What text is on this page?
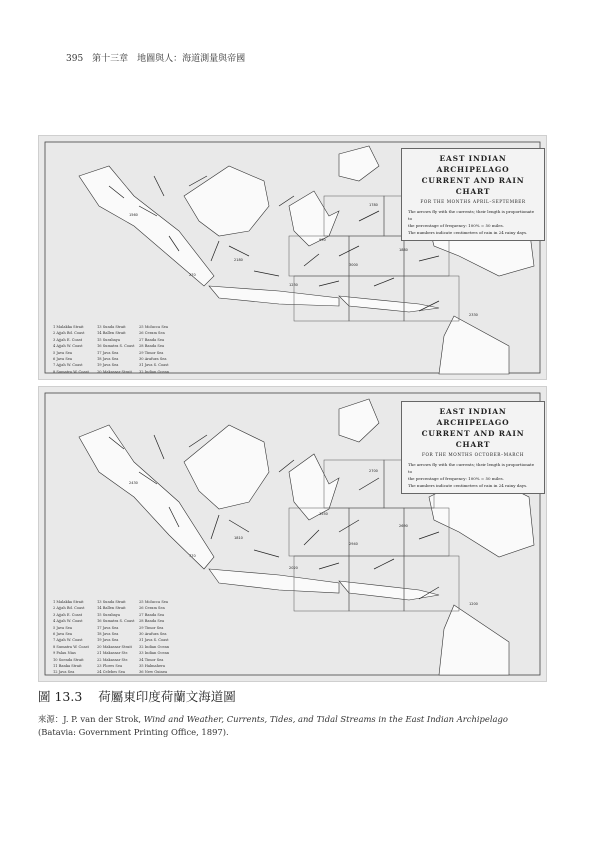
395 第十三章　地圖與人：海道測量與帝國
1560
2180
1230
3000
1880
2330
1780
990
270
EAST INDIAN ARCHIPELAGO
CURRENT AND RAIN CHART
FOR THE MONTHS APRIL–SEPTEMBER
The arrows fly with the currents; their length is proportionate to
the percentage of frequency: 100% = 50 miles.
The numbers indicate centimetres of rain in 24 rainy days.
1 Malakka Strait
2 Ajjah Bd. Coast
3 Ajjah E. Coast
4 Ajjah W. Coast
5 Java Sea
6 Java Sea
7 Ajjah W. Coast
8 Sumatra W. Coast
13 Sunda Strait
14 Ballen Strait
15 Surabaya
16 Sumatra S. Coast
17 Java Sea
18 Java Sea
19 Java Sea
20 Makassar Strait
25 Molucca Sea
26 Ceram Sea
27 Banda Sea
28 Banda Sea
29 Timor Sea
30 Arafura Sea
31 Java S. Coast
32 Indian Ocean
2430
1810
2020
2940
2690
1200
2700
1550
770
EAST INDIAN ARCHIPELAGO
CURRENT AND RAIN CHART
FOR THE MONTHS OCTOBER–MARCH
The arrows fly with the currents; their length is proportionate to
the percentage of frequency: 100% = 50 miles.
The numbers indicate centimetres of rain in 24 rainy days.
1 Malakka Strait
2 Ajjah Bd. Coast
3 Ajjah E. Coast
4 Ajjah W. Coast
5 Java Sea
6 Java Sea
7 Ajjah W. Coast
8 Sumatra W. Coast
9 Palau Nias
10 Soenda Strait
11 Banka Strait
12 Java Sea
13 Sunda Strait
14 Ballen Strait
15 Surabaya
16 Sumatra S. Coast
17 Java Sea
18 Java Sea
19 Java Sea
20 Makassar Strait
21 Makassar Str.
22 Makassar Str.
23 Flores Sea
24 Celebes Sea
25 Molucca Sea
26 Ceram Sea
27 Banda Sea
28 Banda Sea
29 Timor Sea
30 Arafura Sea
31 Java S. Coast
32 Indian Ocean
33 Indian Ocean
34 Timor Sea
35 Halmahera
36 New Guinea
圖 13.3 荷屬東印度荷蘭文海道圖
來源：J. P. van der Strok, Wind and Weather, Currents, Tides, and Tidal Streams in the East Indian Archipelago (Batavia: Government Printing Office, 1897).
